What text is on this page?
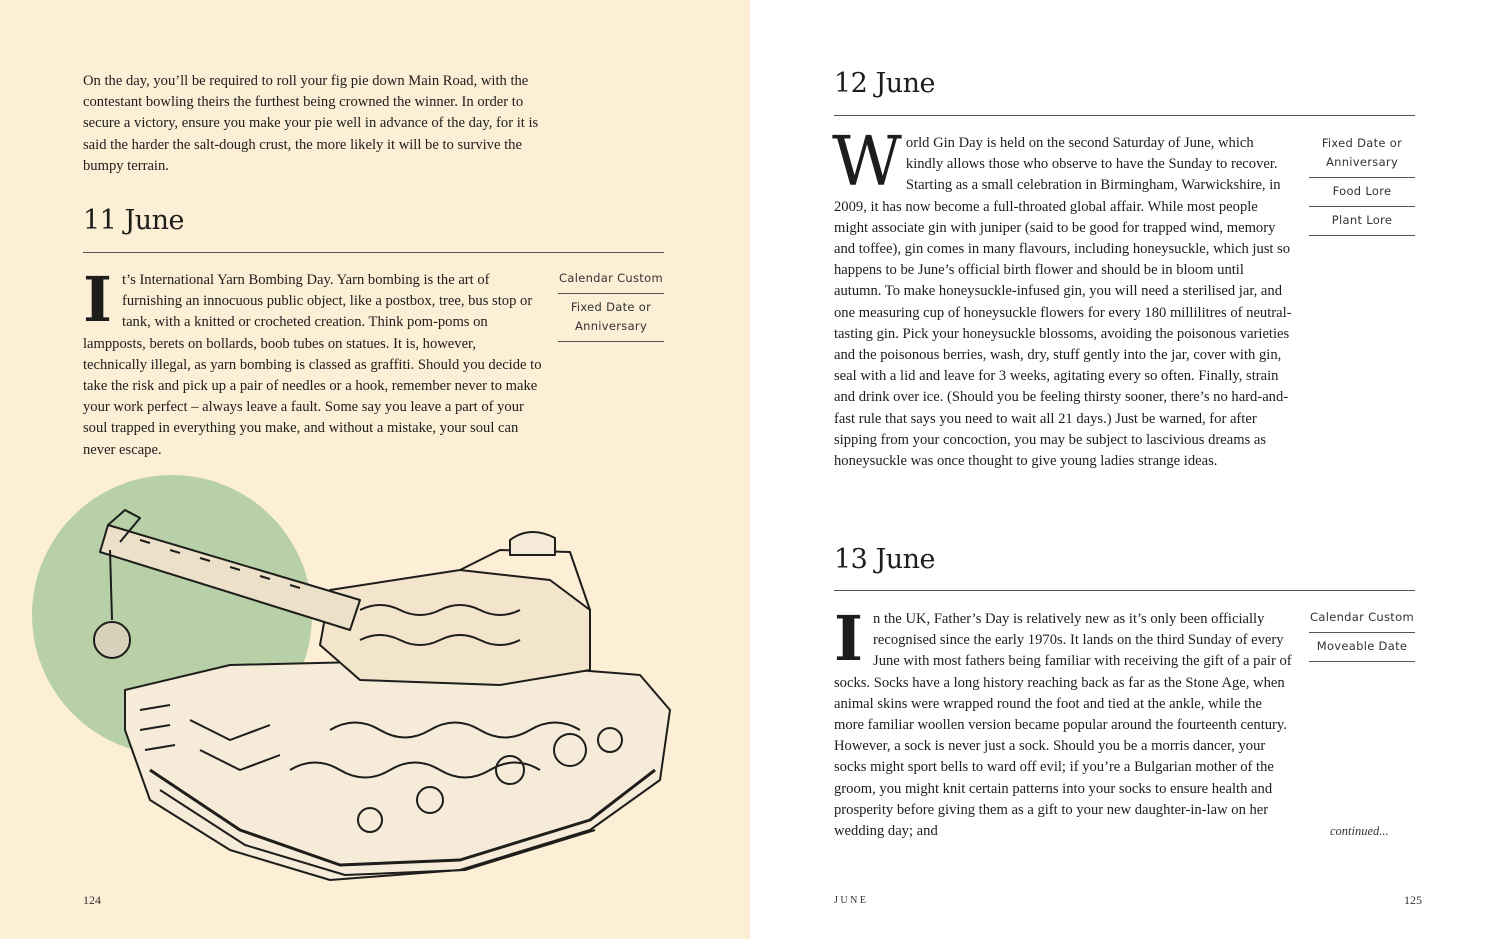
On the day, you’ll be required to roll your fig pie down Main Road, with the contestant bowling theirs the furthest being crowned the winner. In order to secure a victory, ensure you make your pie well in advance of the day, for it is said the harder the salt-dough crust, the more likely it will be to survive the bumpy terrain.

11 June

It’s International Yarn Bombing Day. Yarn bombing is the art of furnishing an innocuous public object, like a postbox, tree, bus stop or tank, with a knitted or crocheted creation. Think pom-poms on lampposts, berets on bollards, boob tubes on statues. It is, however, technically illegal, as yarn bombing is classed as graffiti. Should you decide to take the risk and pick up a pair of needles or a hook, remember never to make your work perfect – always leave a fault. Some say you leave a part of your soul trapped in everything you make, and without a mistake, your soul can never escape.

Calendar Custom
Fixed Date or Anniversary
124
12 June

World Gin Day is held on the second Saturday of June, which kindly allows those who observe to have the Sunday to recover. Starting as a small celebration in Birmingham, Warwickshire, in 2009, it has now become a full-throated global affair. While most people might associate gin with juniper (said to be good for trapped wind, memory and toffee), gin comes in many flavours, including honeysuckle, which just so happens to be June’s official birth flower and should be in bloom until autumn. To make honeysuckle-infused gin, you will need a sterilised jar, and one measuring cup of honeysuckle flowers for every 180 millilitres of neutral-tasting gin. Pick your honeysuckle blossoms, avoiding the poisonous varieties and the poisonous berries, wash, dry, stuff gently into the jar, cover with gin, seal with a lid and leave for 3 weeks, agitating every so often. Finally, strain and drink over ice. (Should you be feeling thirsty sooner, there’s no hard-and-fast rule that says you need to wait all 21 days.) Just be warned, for after sipping from your concoction, you may be subject to lascivious dreams as honeysuckle was once thought to give young ladies strange ideas.

Fixed Date or Anniversary
Food Lore
Plant Lore
13 June

In the UK, Father’s Day is relatively new as it’s only been officially recognised since the early 1970s. It lands on the third Sunday of every June with most fathers being familiar with receiving the gift of a pair of socks. Socks have a long history reaching back as far as the Stone Age, when animal skins were wrapped round the foot and tied at the ankle, while the more familiar woollen version became popular around the fourteenth century. However, a sock is never just a sock. Should you be a morris dancer, your socks might sport bells to ward off evil; if you’re a Bulgarian mother of the groom, you might knit certain patterns into your socks to ensure health and prosperity before giving them as a gift to your new daughter-in-law on her wedding day; and

Calendar Custom
Moveable Date
continued...
JUNE	125
